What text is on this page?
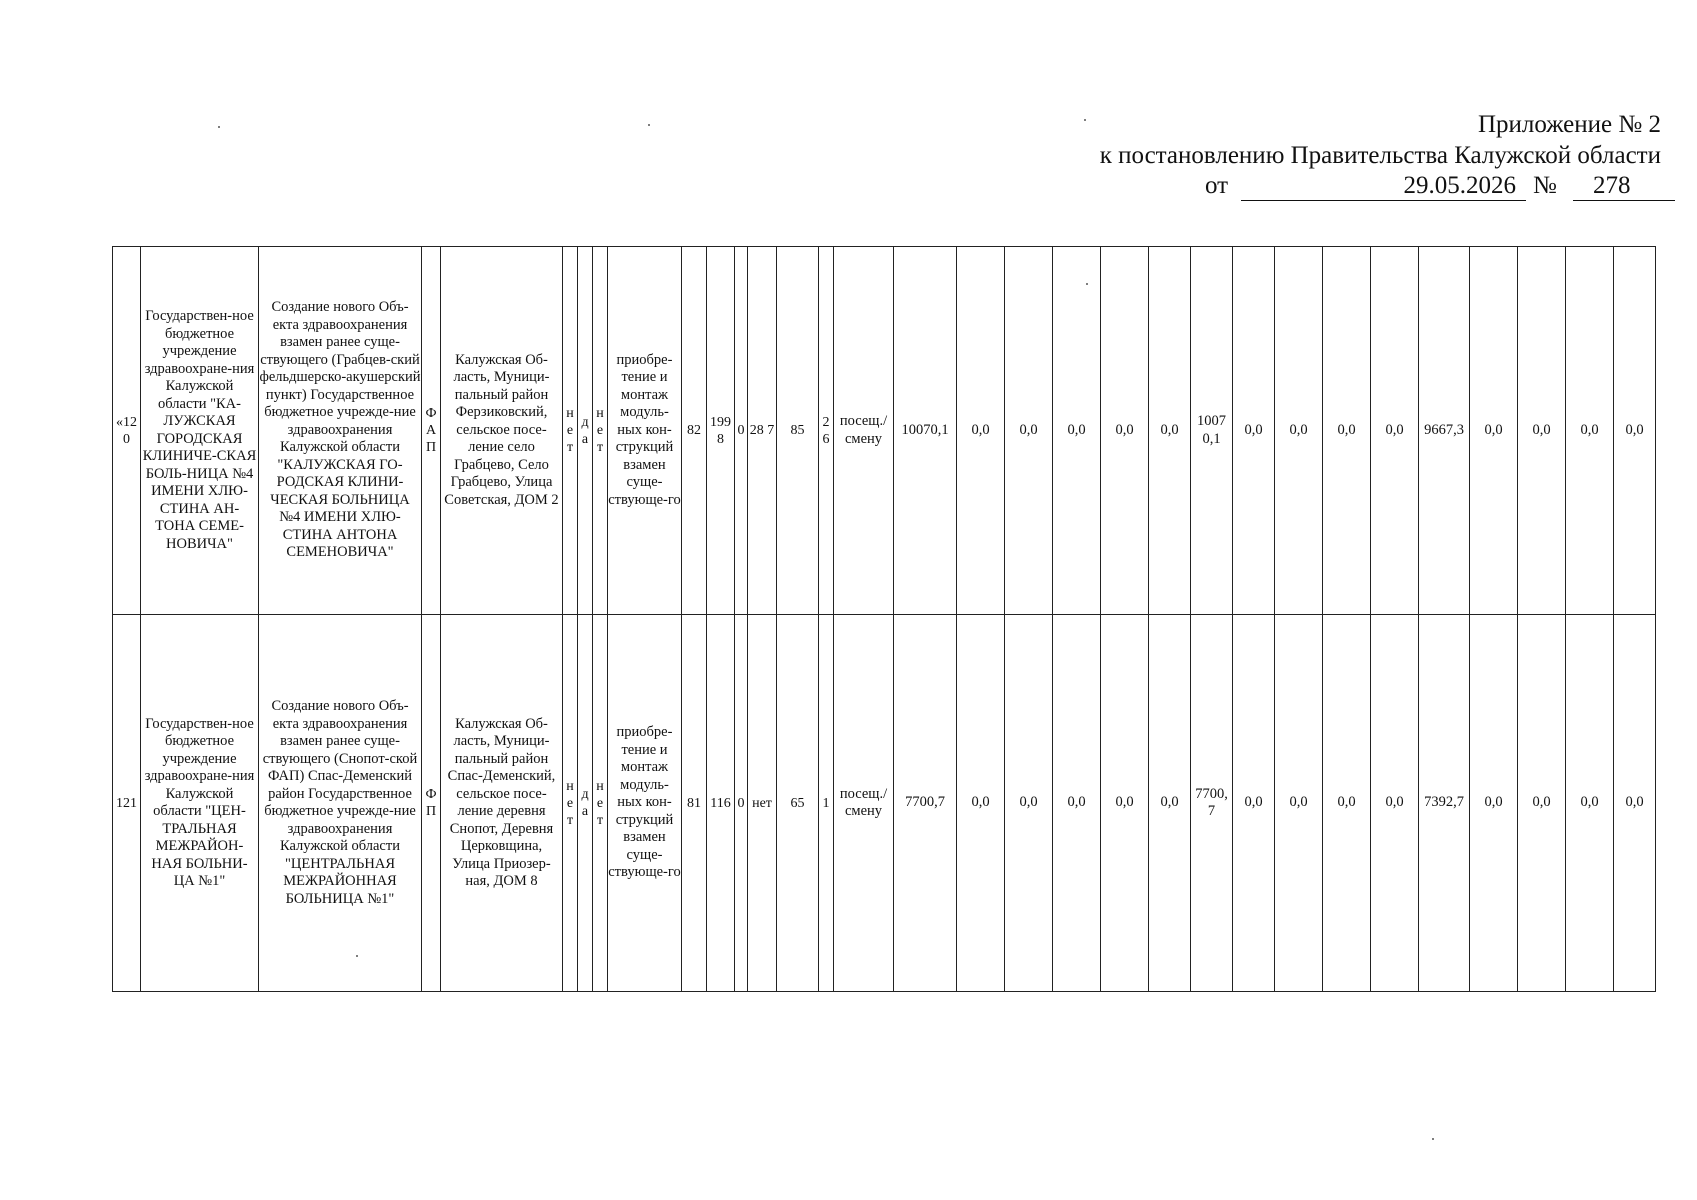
Приложение № 2
к постановлению Правительства Калужской области
от	29.05.2026 №	278
«12 0	Государствен-ное бюджетное учреждение здравоохране-ния Калужской области "КА-ЛУЖСКАЯ ГОРОДСКАЯ КЛИНИЧЕ-СКАЯ БОЛЬ-НИЦА №4 ИМЕНИ ХЛЮ-СТИНА АН-ТОНА СЕМЕ-НОВИЧА"	Создание нового Объ-екта здравоохранения взамен ранее суще-ствующего (Грабцев-ский фельдшерско-акушерский пункт) Государственное бюджетное учрежде-ние здравоохранения Калужской области "КАЛУЖСКАЯ ГО-РОДСКАЯ КЛИНИ-ЧЕСКАЯ БОЛЬНИЦА №4 ИМЕНИ ХЛЮ-СТИНА АНТОНА СЕМЕНОВИЧА"	Ф А П	Калужская Об-ласть, Муници-пальный район Ферзиковский, сельское посе-ление село Грабцево, Село Грабцево, Улица Советская, ДОМ 2	н е т	д а	н е т	приобре-тение и монтаж модуль-ных кон-струкций взамен суще-ствующе-го	82	199 8	0	28 7	85	2 6	посещ./ смену	10070,1	0,0	0,0	0,0	0,0	0,0	1007 0,1	0,0	0,0	0,0	0,0	9667,3	0,0	0,0	0,0	0,0
121	Государствен-ное бюджетное учреждение здравоохране-ния Калужской области "ЦЕН-ТРАЛЬНАЯ МЕЖРАЙОН-НАЯ БОЛЬНИ-ЦА №1"	Создание нового Объ-екта здравоохранения взамен ранее суще-ствующего (Снопот-ской ФАП) Спас-Деменский район Государственное бюджетное учрежде-ние здравоохранения Калужской области "ЦЕНТРАЛЬНАЯ МЕЖРАЙОННАЯ БОЛЬНИЦА №1"	Ф П	Калужская Об-ласть, Муници-пальный район Спас-Деменский, сельское посе-ление деревня Снопот, Деревня Церковщина, Улица Приозер-ная, ДОМ 8	н е т	д а	н е т	приобре-тение и монтаж модуль-ных кон-струкций взамен суще-ствующе-го	81	116	0	нет	65	1	посещ./ смену	7700,7	0,0	0,0	0,0	0,0	0,0	7700, 7	0,0	0,0	0,0	0,0	7392,7	0,0	0,0	0,0	0,0
